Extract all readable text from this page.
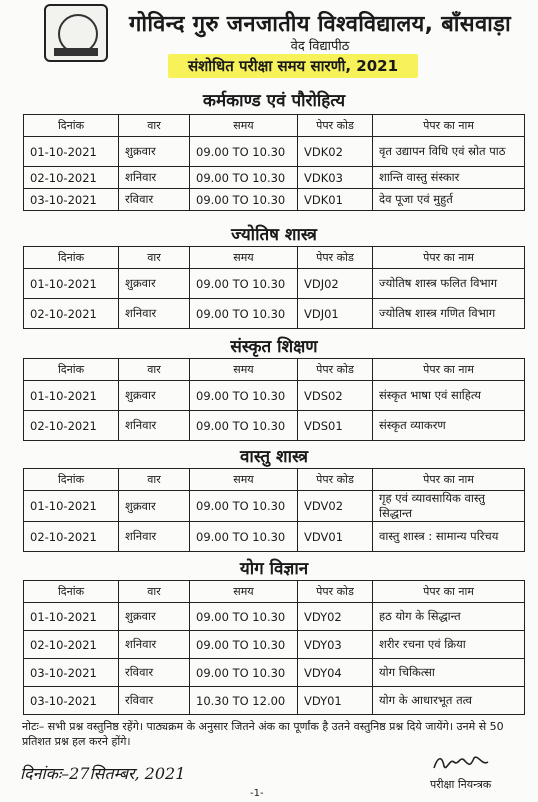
गोविन्द गुरु जनजातीय विश्वविद्यालय, बाँसवाड़ा
वेद विद्यापीठ
संशोधित परीक्षा समय सारणी, 2021
कर्मकाण्ड एवं पौरोहित्य
दिनांक	वार	समय	पेपर कोड	पेपर का नाम
01-10-2021	शुक्रवार	09.00 TO 10.30	VDK02	वृत उद्यापन विधि एवं स्रोत पाठ
02-10-2021	शनिवार	09.00 TO 10.30	VDK03	शान्ति वास्तु संस्कार
03-10-2021	रविवार	09.00 TO 10.30	VDK01	देव पूजा एवं मुहुर्त
ज्योतिष शास्त्र
दिनांक	वार	समय	पेपर कोड	पेपर का नाम
01-10-2021	शुक्रवार	09.00 TO 10.30	VDJ02	ज्योतिष शास्त्र फलित विभाग
02-10-2021	शनिवार	09.00 TO 10.30	VDJ01	ज्योतिष शास्त्र गणित विभाग
संस्कृत शिक्षण
दिनांक	वार	समय	पेपर कोड	पेपर का नाम
01-10-2021	शुक्रवार	09.00 TO 10.30	VDS02	संस्कृत भाषा एवं साहित्य
02-10-2021	शनिवार	09.00 TO 10.30	VDS01	संस्कृत व्याकरण
वास्तु शास्त्र
दिनांक	वार	समय	पेपर कोड	पेपर का नाम
01-10-2021	शुक्रवार	09.00 TO 10.30	VDV02	गृह एवं व्यावसायिक वास्तु सिद्धान्त
02-10-2021	शनिवार	09.00 TO 10.30	VDV01	वास्तु शास्त्र : सामान्य परिचय
योग विज्ञान
दिनांक	वार	समय	पेपर कोड	पेपर का नाम
01-10-2021	शुक्रवार	09.00 TO 10.30	VDY02	हठ योग के सिद्धान्त
02-10-2021	शनिवार	09.00 TO 10.30	VDY03	शरीर रचना एवं क्रिया
03-10-2021	रविवार	09.00 TO 10.30	VDY04	योग चिकित्सा
03-10-2021	रविवार	10.30 TO 12.00	VDY01	योग के आधारभूत तत्व
नोटः– सभी प्रश्न वस्तुनिष्ठ रहेंगे। पाठ्यक्रम के अनुसार जितने अंक का पूर्णांक है उतने वस्तुनिष्ठ प्रश्न दिये जायेंगे। उनमे से 50 प्रतिशत प्रश्न हल करने होंगे।
दिनांकः–27सितम्बर, 2021
परीक्षा नियन्त्रक
-1-
